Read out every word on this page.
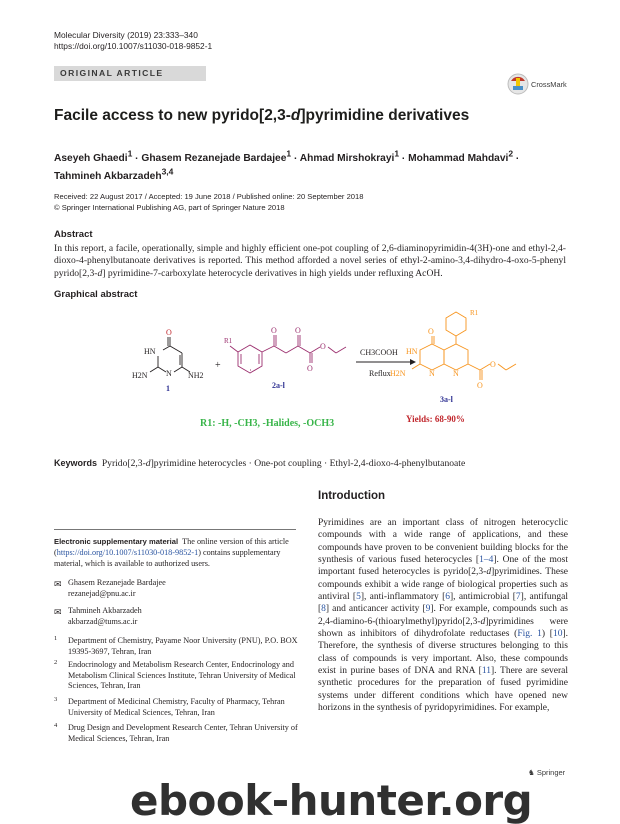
Molecular Diversity (2019) 23:333–340
https://doi.org/10.1007/s11030-018-9852-1
ORIGINAL ARTICLE
CrossMark
Facile access to new pyrido[2,3-d]pyrimidine derivatives
Aseyeh Ghaedi$^1$ · Ghasem Rezanejade Bardajee$^1$ · Ahmad Mirshokrayi$^1$ · Mohammad Mahdavi$^2$ ·
Tahmineh Akbarzadeh$^{3,4}$
Received: 22 August 2017 / Accepted: 19 June 2018 / Published online: 20 September 2018
© Springer International Publishing AG, part of Springer Nature 2018
Abstract
In this report, a facile, operationally, simple and highly efficient one-pot coupling of 2,6-diaminopyrimidin-4(3H)-one and ethyl-2,4-dioxo-4-phenylbutanoate derivatives is reported. This method afforded a novel series of ethyl-2-amino-3,4-dihydro-4-oxo-5-phenyl pyrido[2,3-d] pyrimidine-7-carboxylate heterocycle derivatives in high yields under refluxing AcOH.
Graphical abstract
O
HN
N
H2N	NH2
1
+
R1
O O
O
O
2a-l
CH3COOH
Reflux
R1
O
HN
N N
H2N
O
O
3a-l
R1: -H, -CH3, -Halides, -OCH3	Yields: 68-90%
Keywords Pyrido[2,3-d]pyrimidine heterocycles · One-pot coupling · Ethyl-2,4-dioxo-4-phenylbutanoate
Introduction
Pyrimidines are an important class of nitrogen heterocyclic compounds with a wide range of applications, and these compounds have proven to be convenient building blocks for the synthesis of various fused heterocycles [1–4]. One of the most important fused heterocycles is pyrido[2,3-d]pyrimidines. These compounds exhibit a wide range of biological properties such as antiviral [5], anti-inflammatory [6], antimicrobial [7], antifungal [8] and anticancer activity [9]. For example, compounds such as 2,4-diamino-6-(thioarylmethyl)pyrido[2,3-d]pyrimidines were shown as inhibitors of dihydrofolate reductases (Fig. 1) [10]. Therefore, the synthesis of diverse structures belonging to this class of compounds is very important. Also, these compounds exist in purine bases of DNA and RNA [11]. There are several synthetic procedures for the preparation of fused pyrimidine systems under different conditions which have opened new horizons in the synthesis of pyridopyrimidines. For example,
Electronic supplementary material The online version of this article (https://doi.org/10.1007/s11030-018-9852-1) contains supplementary material, which is available to authorized users.
✉ Ghasem Rezanejade Bardajee
rezanejad@pnu.ac.ir
✉ Tahmineh Akbarzadeh
akbarzad@tums.ac.ir
1 Department of Chemistry, Payame Noor University (PNU), P.O. BOX 19395-3697, Tehran, Iran
2 Endocrinology and Metabolism Research Center, Endocrinology and Metabolism Clinical Sciences Institute, Tehran University of Medical Sciences, Tehran, Iran
3 Department of Medicinal Chemistry, Faculty of Pharmacy, Tehran University of Medical Sciences, Tehran, Iran
4 Drug Design and Development Research Center, Tehran University of Medical Sciences, Tehran, Iran
♞ Springer
ebook-hunter.org
